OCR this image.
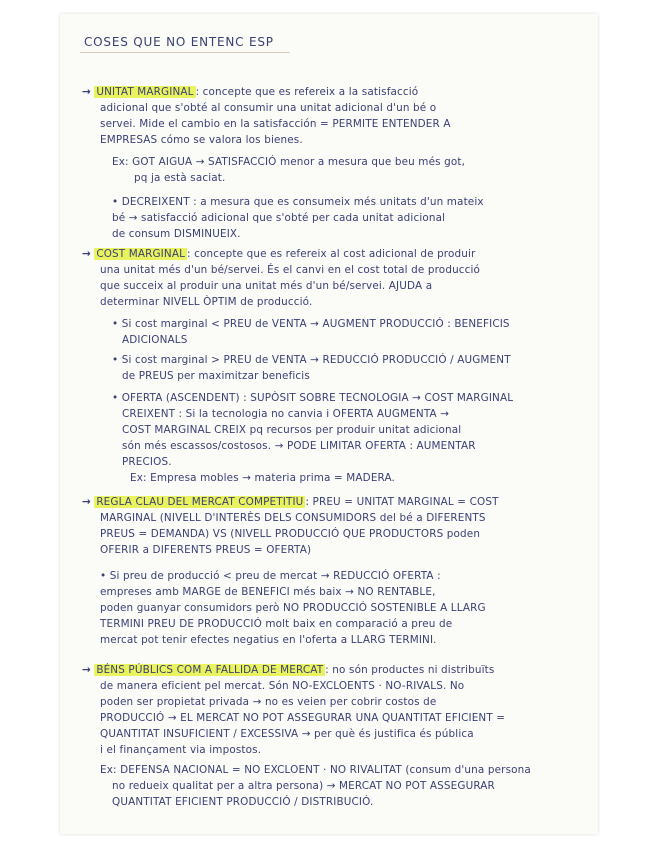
COSES QUE NO ENTENC ESP
→ UNITAT MARGINAL : concepte que es refereix a la satisfacció
adicional que s'obté al consumir una unitat adicional d'un bé o
servei. Mide el cambio en la satisfacción = PERMITE ENTENDER A
EMPRESAS cómo se valora los bienes.
Ex: GOT AIGUA → SATISFACCIÓ menor a mesura que beu més got,
pq ja està saciat.
• DECREIXENT : a mesura que es consumeix més unitats d'un mateix
bé → satisfacció adicional que s'obté per cada unitat adicional
de consum DISMINUEIX.
→ COST MARGINAL : concepte que es refereix al cost adicional de produir
una unitat més d'un bé/servei. És el canvi en el cost total de producció
que succeix al produir una unitat més d'un bé/servei. AJUDA a
determinar NIVELL ÒPTIM de producció.
• Si cost marginal < PREU de VENTA → AUGMENT PRODUCCIÓ : BENEFICIS
ADICIONALS
• Si cost marginal > PREU de VENTA → REDUCCIÓ PRODUCCIÓ / AUGMENT
de PREUS per maximitzar beneficis
• OFERTA (ASCENDENT) : SUPÒSIT SOBRE TECNOLOGIA → COST MARGINAL
CREIXENT : Si la tecnologia no canvia i OFERTA AUGMENTA →
COST MARGINAL CREIX pq recursos per produir unitat adicional
són més escassos/costosos. → PODE LIMITAR OFERTA : AUMENTAR
PRECIOS.
Ex: Empresa mobles → materia prima = MADERA.
→ REGLA CLAU DEL MERCAT COMPETITIU : PREU = UNITAT MARGINAL = COST
MARGINAL (NIVELL D'INTERÈS DELS CONSUMIDORS del bé a DIFERENTS
PREUS = DEMANDA) VS (NIVELL PRODUCCIÓ QUE PRODUCTORS poden
OFERIR a DIFERENTS PREUS = OFERTA)
• Si preu de producció < preu de mercat → REDUCCIÓ OFERTA :
empreses amb MARGE de BENEFICI més baix → NO RENTABLE,
poden guanyar consumidors però NO PRODUCCIÓ SOSTENIBLE A LLARG
TERMINI PREU DE PRODUCCIÓ molt baix en comparació a preu de
mercat pot tenir efectes negatius en l'oferta a LLARG TERMINI.
→ BÉNS PÚBLICS COM A FALLIDA DE MERCAT : no són productes ni distribuïts
de manera eficient pel mercat. Són NO-EXCLOENTS · NO-RIVALS. No
poden ser propietat privada → no es veien per cobrir costos de
PRODUCCIÓ → EL MERCAT NO POT ASSEGURAR UNA QUANTITAT EFICIENT =
QUANTITAT INSUFICIENT / EXCESSIVA → per què és justifica és pública
i el finançament via impostos.
Ex: DEFENSA NACIONAL = NO EXCLOENT · NO RIVALITAT (consum d'una persona
no redueix qualitat per a altra persona) → MERCAT NO POT ASSEGURAR
QUANTITAT EFICIENT PRODUCCIÓ / DISTRIBUCIÓ.
